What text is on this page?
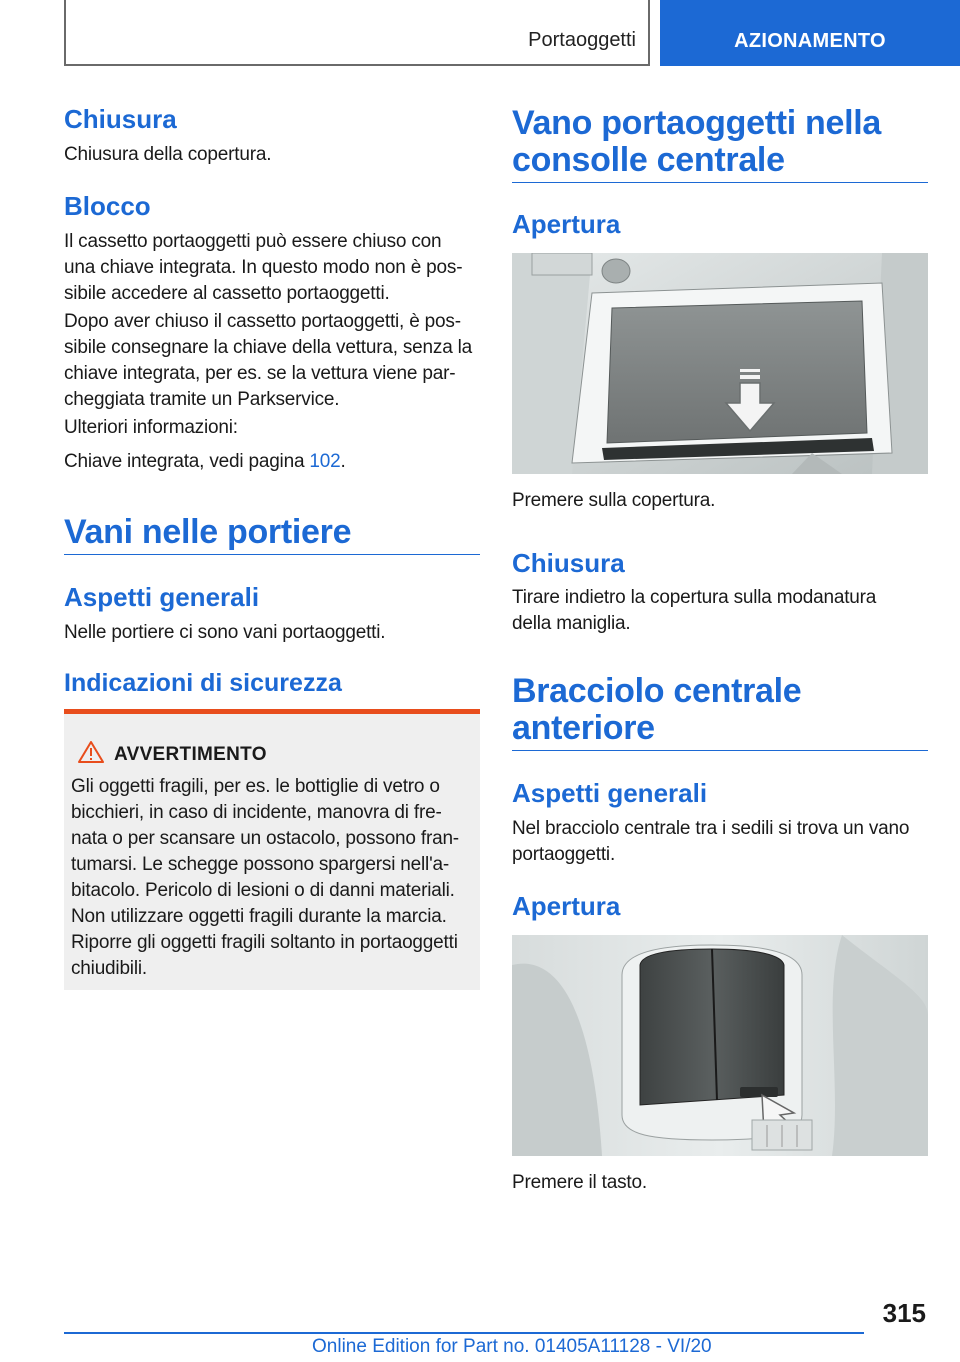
Portaoggetti	AZIONAMENTO
Chiusura
Chiusura della copertura.
Blocco
Il cassetto portaoggetti può essere chiuso con
una chiave integrata. In questo modo non è pos‐
sibile accedere al cassetto portaoggetti.
Dopo aver chiuso il cassetto portaoggetti, è pos‐
sibile consegnare la chiave della vettura, senza la
chiave integrata, per es. se la vettura viene par‐
cheggiata tramite un Parkservice.
Ulteriori informazioni:
Chiave integrata, vedi pagina 102.
Vani nelle portiere
Aspetti generali
Nelle portiere ci sono vani portaoggetti.
Indicazioni di sicurezza
AVVERTIMENTO
Gli oggetti fragili, per es. le bottiglie di vetro o
bicchieri, in caso di incidente, manovra di fre‐
nata o per scansare un ostacolo, possono fran‐
tumarsi. Le schegge possono spargersi nell'a‐
bitacolo. Pericolo di lesioni o di danni materiali.
Non utilizzare oggetti fragili durante la marcia.
Riporre gli oggetti fragili soltanto in portaoggetti
chiudibili.
Vano portaoggetti nella
consolle centrale
Apertura
Premere sulla copertura.
Chiusura
Tirare indietro la copertura sulla modanatura
della maniglia.
Bracciolo centrale
anteriore
Aspetti generali
Nel bracciolo centrale tra i sedili si trova un vano
portaoggetti.
Apertura
Premere il tasto.
315
Online Edition for Part no. 01405A11128 - VI/20
